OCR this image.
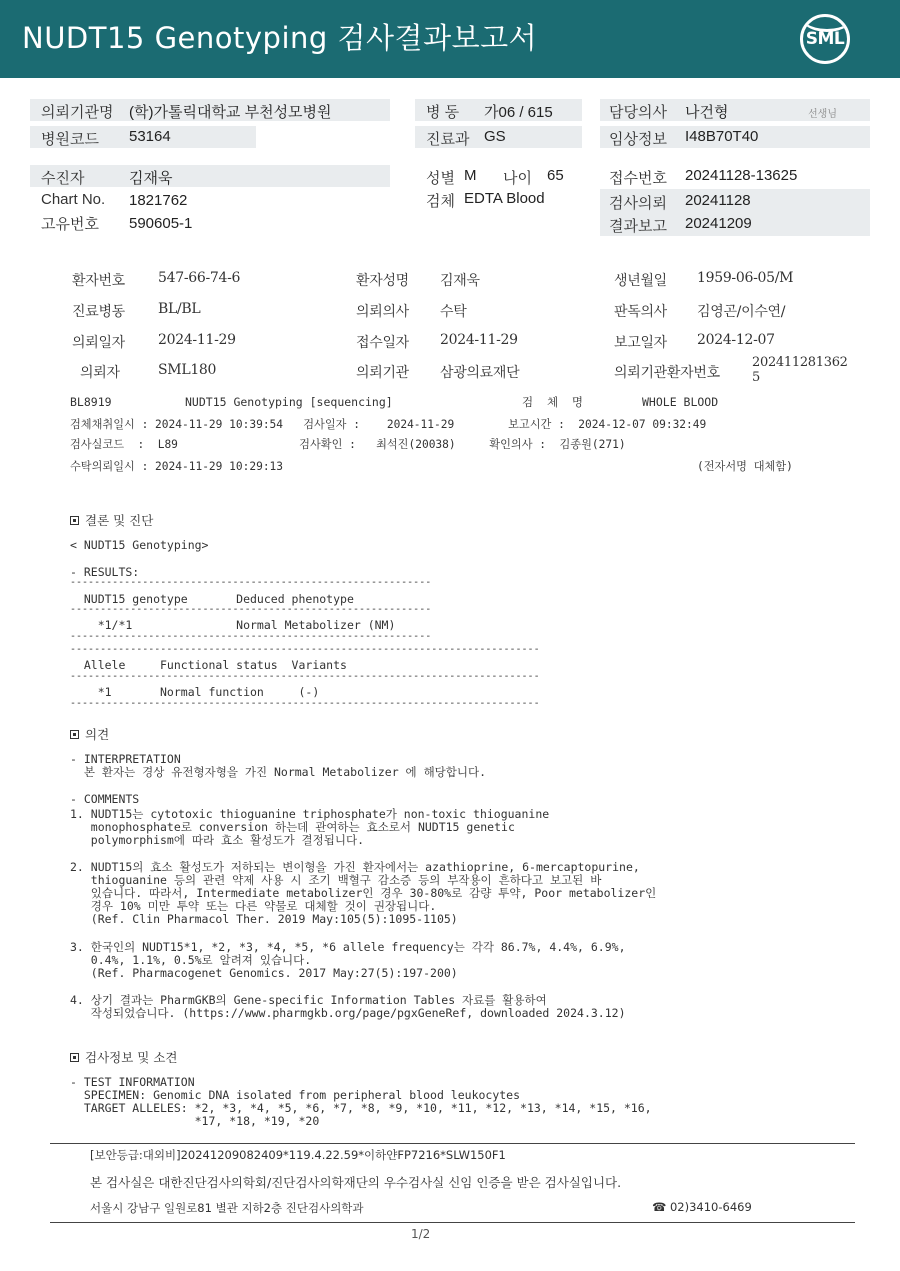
NUDT15 Genotyping 검사결과보고서	SML
의뢰기관명 (학)가톨릭대학교 부천성모병원
병원코드 53164
병 동 가06 / 615
진료과 GS
담당의사 나건형	선생님
임상정보 I48B70T40
수진자	김재욱
Chart No. 1821762
고유번호 590605-1
성별 M 나이 65
검체 EDTA Blood
접수번호 20241128-13625
검사의뢰 20241128
결과보고 20241209
환자번호 547-66-74-6	환자성명 김재욱	생년월일 1959-06-05/M
진료병동 BL/BL	의뢰의사 수탁	판독의사 김영곤/이수연/
의뢰일자 2024-11-29	접수일자 2024-11-29	보고일자 2024-12-07
의뢰자	SML180	의뢰기관 삼광의료재단	의뢰기관환자번호
202411281362
5
BL8919	NUDT15 Genotyping [sequencing]	검  체  명	WHOLE BLOOD
검체채취일시 : 2024-11-29 10:39:54   검사일자 :    2024-11-29        보고시간 :  2024-12-07 09:32:49
검사실코드  :  L89                  검사확인 :   최석진(20038)     확인의사 :  김종원(271)
수탁의뢰일시 : 2024-11-29 10:29:13	(전자서명 대체함)
결론 및 진단
< NUDT15 Genotyping>
- RESULTS:
------------------------------------------------------------
NUDT15 genotype       Deduced phenotype
------------------------------------------------------------
*1/*1               Normal Metabolizer (NM)
------------------------------------------------------------
------------------------------------------------------------------------------
Allele     Functional status  Variants
------------------------------------------------------------------------------
*1       Normal function     (-)
------------------------------------------------------------------------------
의견
- INTERPRETATION
본 환자는 경상 유전형자형을 가진 Normal Metabolizer 에 해당합니다.
- COMMENTS
1. NUDT15는 cytotoxic thioguanine triphosphate가 non-toxic thioguanine
monophosphate로 conversion 하는데 관여하는 효소로서 NUDT15 genetic
polymorphism에 따라 효소 활성도가 결정됩니다.
2. NUDT15의 효소 활성도가 저하되는 변이형을 가진 환자에서는 azathioprine, 6-mercaptopurine,
thioguanine 등의 관련 약제 사용 시 조기 백혈구 감소증 등의 부작용이 흔하다고 보고된 바
있습니다. 따라서, Intermediate metabolizer인 경우 30-80%로 감량 투약, Poor metabolizer인
경우 10% 미만 투약 또는 다른 약물로 대체할 것이 권장됩니다.
(Ref. Clin Pharmacol Ther. 2019 May:105(5):1095-1105)
3. 한국인의 NUDT15*1, *2, *3, *4, *5, *6 allele frequency는 각각 86.7%, 4.4%, 6.9%,
0.4%, 1.1%, 0.5%로 알려져 있습니다.
(Ref. Pharmacogenet Genomics. 2017 May:27(5):197-200)
4. 상기 결과는 PharmGKB의 Gene-specific Information Tables 자료를 활용하여
작성되었습니다. (https://www.pharmgkb.org/page/pgxGeneRef, downloaded 2024.3.12)
검사정보 및 소견
- TEST INFORMATION
SPECIMEN: Genomic DNA isolated from peripheral blood leukocytes
TARGET ALLELES: *2, *3, *4, *5, *6, *7, *8, *9, *10, *11, *12, *13, *14, *15, *16,
*17, *18, *19, *20
[보안등급:대외비]20241209082409*119.4.22.59*이하얀FP7216*SLW150F1
본 검사실은 대한진단검사의학회/진단검사의학재단의 우수검사실 신임 인증을 받은 검사실입니다.
서울시 강남구 일원로81 별관 지하2층 진단검사의학과	☎ 02)3410-6469
1/2
